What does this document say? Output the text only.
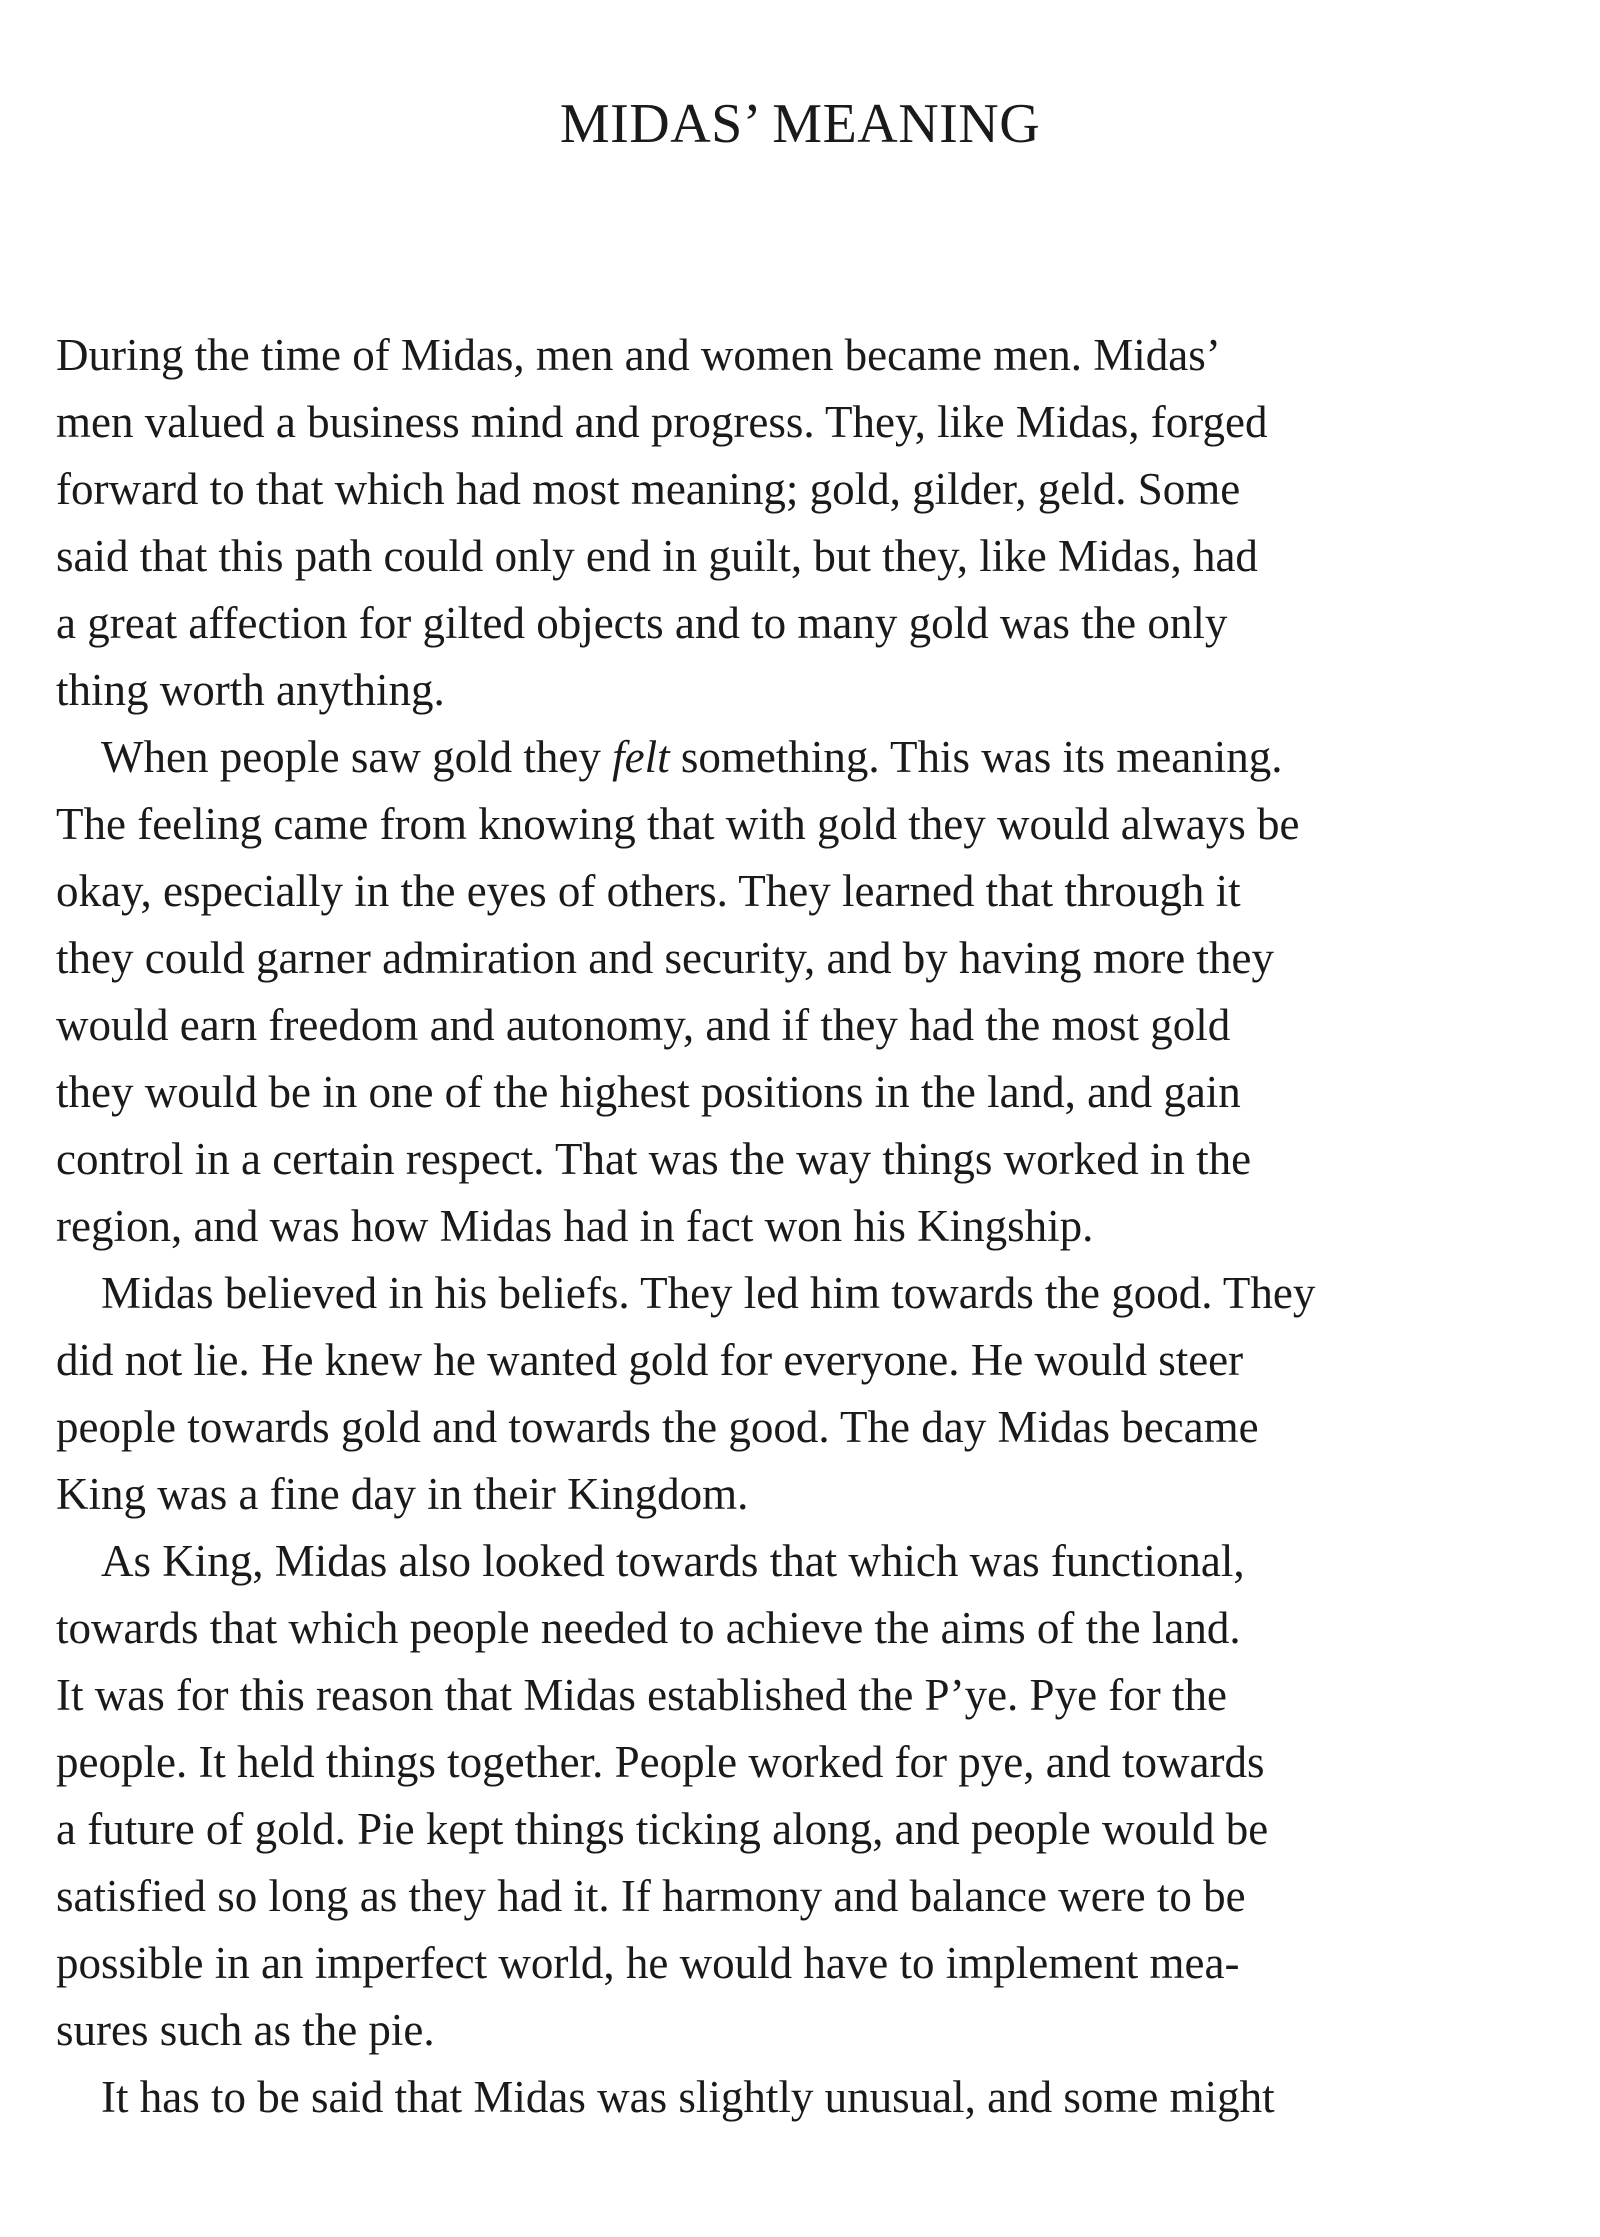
MIDAS’ MEANING
During the time of Midas, men and women became men. Midas’
men valued a business mind and progress. They, like Midas, forged
forward to that which had most meaning; gold, gilder, geld. Some
said that this path could only end in guilt, but they, like Midas, had
a great affection for gilted objects and to many gold was the only
thing worth anything.
When people saw gold they felt something. This was its meaning.
The feeling came from knowing that with gold they would always be
okay, especially in the eyes of others. They learned that through it
they could garner admiration and security, and by having more they
would earn freedom and autonomy, and if they had the most gold
they would be in one of the highest positions in the land, and gain
control in a certain respect. That was the way things worked in the
region, and was how Midas had in fact won his Kingship.
Midas believed in his beliefs. They led him towards the good. They
did not lie. He knew he wanted gold for everyone. He would steer
people towards gold and towards the good. The day Midas became
King was a fine day in their Kingdom.
As King, Midas also looked towards that which was functional,
towards that which people needed to achieve the aims of the land.
It was for this reason that Midas established the P’ye. Pye for the
people. It held things together. People worked for pye, and towards
a future of gold. Pie kept things ticking along, and people would be
satisfied so long as they had it. If harmony and balance were to be
possible in an imperfect world, he would have to implement mea-
sures such as the pie.
It has to be said that Midas was slightly unusual, and some might
